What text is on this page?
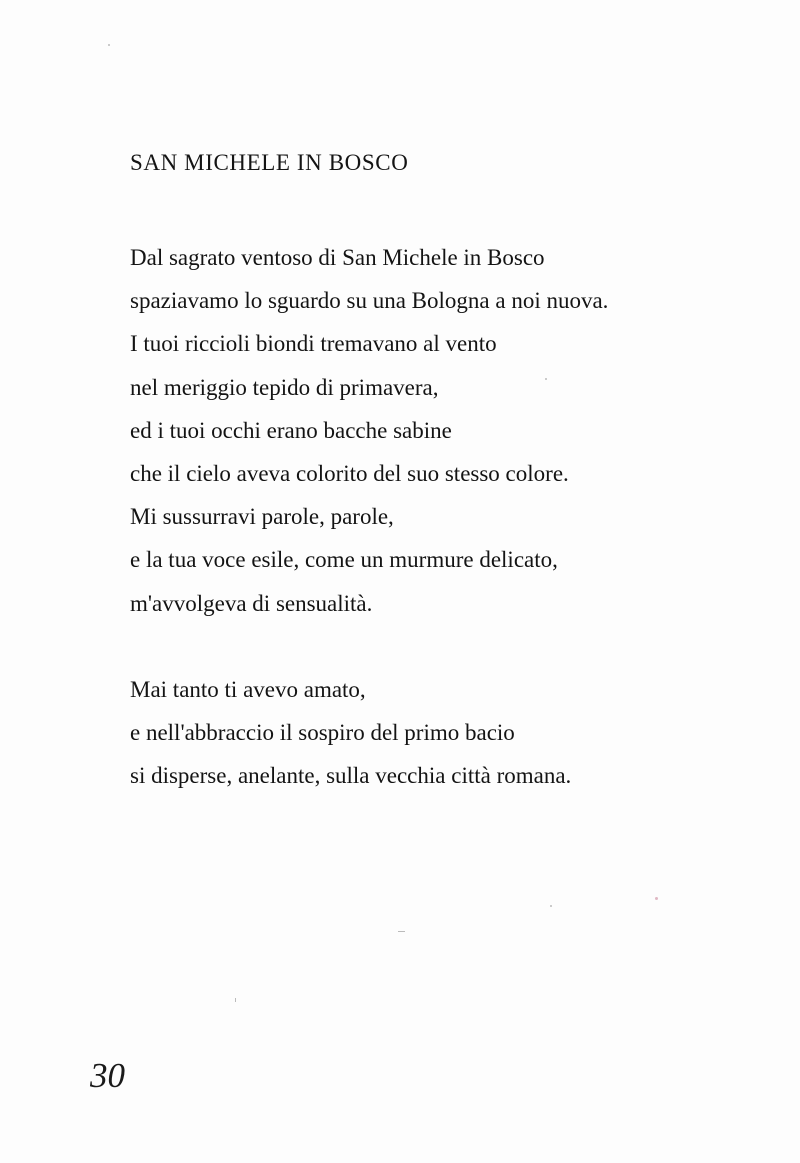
SAN MICHELE IN BOSCO
Dal sagrato ventoso di San Michele in Bosco
spaziavamo lo sguardo su una Bologna a noi nuova.
I tuoi riccioli biondi tremavano al vento
nel meriggio tepido di primavera,
ed i tuoi occhi erano bacche sabine
che il cielo aveva colorito del suo stesso colore.
Mi sussurravi parole, parole,
e la tua voce esile, come un murmure delicato,
m'avvolgeva di sensualità.
Mai tanto ti avevo amato,
e nell'abbraccio il sospiro del primo bacio
si disperse, anelante, sulla vecchia città romana.

30
